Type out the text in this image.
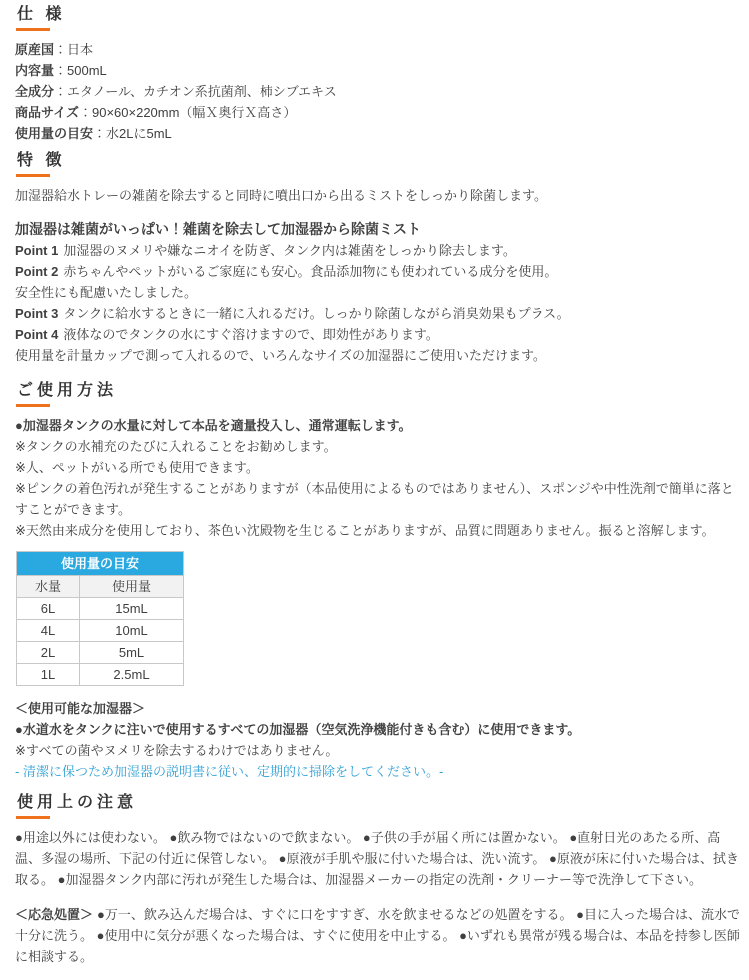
仕 様

原産国：日本

内容量：500mL

全成分：エタノール、カチオン系抗菌剤、柿シブエキス

商品サイズ：90×60×220mm（幅Ｘ奥行Ｘ高さ）

使用量の目安：水2Lに5mL

特 徴

加湿器給水トレーの雑菌を除去すると同時に噴出口から出るミストをしっかり除菌します。

加湿器は雑菌がいっぱい！雑菌を除去して加湿器から除菌ミスト

Point 1 加湿器のヌメリや嫌なニオイを防ぎ、タンク内は雑菌をしっかり除去します。

Point 2 赤ちゃんやペットがいるご家庭にも安心。食品添加物にも使われている成分を使用。

安全性にも配慮いたしました。

Point 3 タンクに給水するときに一緒に入れるだけ。しっかり除菌しながら消臭効果もプラス。

Point 4 液体なのでタンクの水にすぐ溶けますので、即効性があります。

使用量を計量カップで測って入れるので、いろんなサイズの加湿器にご使用いただけます。

ご使用方法

●加湿器タンクの水量に対して本品を適量投入し、通常運転します。

※タンクの水補充のたびに入れることをお勧めします。

※人、ペットがいる所でも使用できます。

※ピンクの着色汚れが発生することがありますが（本品使用によるものではありません）、スポンジや中性洗剤で簡単に落とすことができます。

※天然由来成分を使用しており、茶色い沈殿物を生じることがありますが、品質に問題ありません。振ると溶解します。

使用量の目安	
水量	使用量
6L	15mL
4L	10mL
2L	5mL
1L	2.5mL

＜使用可能な加湿器＞

●水道水をタンクに注いで使用するすべての加湿器（空気洗浄機能付きも含む）に使用できます。

※すべての菌やヌメリを除去するわけではありません。

- 清潔に保つため加湿器の説明書に従い、定期的に掃除をしてください。-

使用上の注意

●用途以外には使わない。 ●飲み物ではないので飲まない。 ●子供の手が届く所には置かない。 ●直射日光のあたる所、高温、多湿の場所、下記の付近に保管しない。 ●原液が手肌や服に付いた場合は、洗い流す。 ●原液が床に付いた場合は、拭き取る。 ●加湿器タンク内部に汚れが発生した場合は、加湿器メーカーの指定の洗剤・クリーナー等で洗浄して下さい。

＜応急処置＞ ●万一、飲み込んだ場合は、すぐに口をすすぎ、水を飲ませるなどの処置をする。 ●目に入った場合は、流水で十分に洗う。 ●使用中に気分が悪くなった場合は、すぐに使用を中止する。 ●いずれも異常が残る場合は、本品を持参し医師に相談する。
